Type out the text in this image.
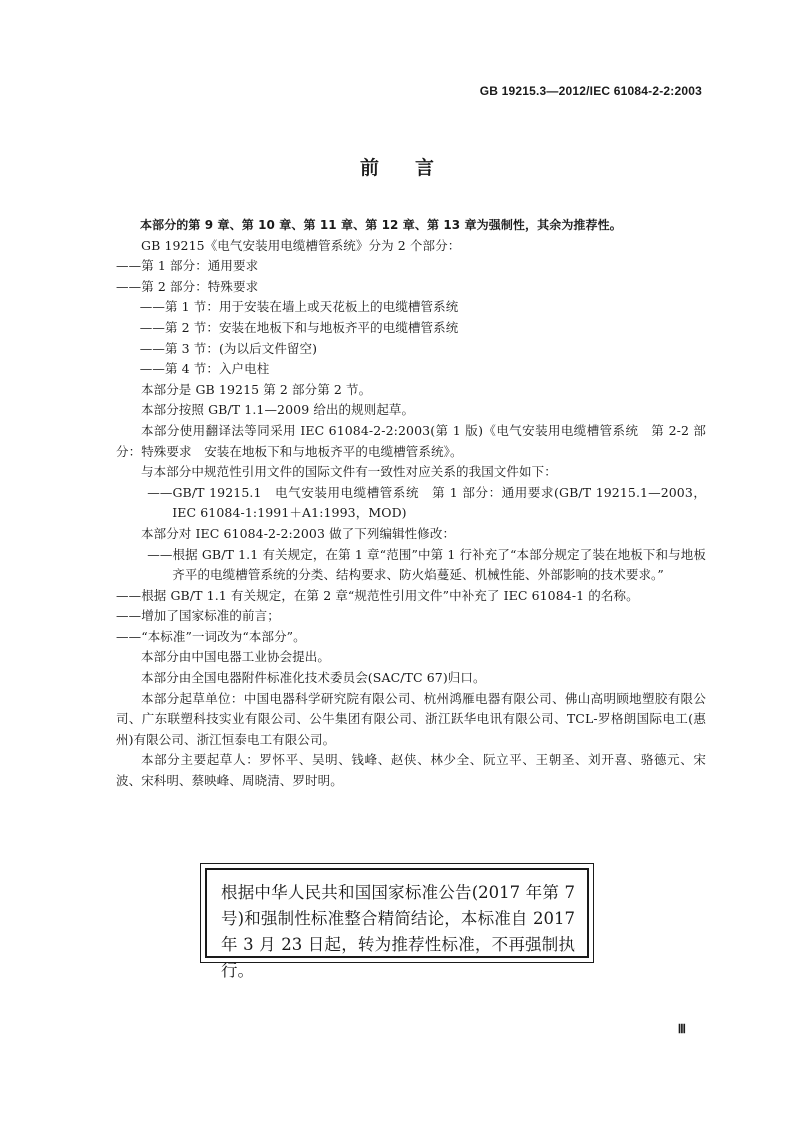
GB 19215.3—2012/IEC 61084-2-2:2003
前言

本部分的第 9 章、第 10 章、第 11 章、第 12 章、第 13 章为强制性，其余为推荐性。

GB 19215《电气安装用电缆槽管系统》分为 2 个部分：

——第 1 部分：通用要求

——第 2 部分：特殊要求

——第 1 节：用于安装在墙上或天花板上的电缆槽管系统

——第 2 节：安装在地板下和与地板齐平的电缆槽管系统

——第 3 节：(为以后文件留空)

——第 4 节：入户电柱

本部分是 GB 19215 第 2 部分第 2 节。

本部分按照 GB/T 1.1—2009 给出的规则起草。

本部分使用翻译法等同采用 IEC 61084-2-2:2003(第 1 版)《电气安装用电缆槽管系统　第 2-2 部分：特殊要求　安装在地板下和与地板齐平的电缆槽管系统》。

与本部分中规范性引用文件的国际文件有一致性对应关系的我国文件如下：

——GB/T 19215.1　电气安装用电缆槽管系统　第 1 部分：通用要求(GB/T 19215.1—2003，IEC 61084-1:1991＋A1:1993，MOD)

本部分对 IEC 61084-2-2:2003 做了下列编辑性修改：

——根据 GB/T 1.1 有关规定，在第 1 章“范围”中第 1 行补充了“本部分规定了装在地板下和与地板齐平的电缆槽管系统的分类、结构要求、防火焰蔓延、机械性能、外部影响的技术要求。”

——根据 GB/T 1.1 有关规定，在第 2 章“规范性引用文件”中补充了 IEC 61084-1 的名称。

——增加了国家标准的前言；

——“本标准”一词改为“本部分”。

本部分由中国电器工业协会提出。

本部分由全国电器附件标准化技术委员会(SAC/TC 67)归口。

本部分起草单位：中国电器科学研究院有限公司、杭州鸿雁电器有限公司、佛山高明顾地塑胶有限公司、广东联塑科技实业有限公司、公牛集团有限公司、浙江跃华电讯有限公司、TCL-罗格朗国际电工(惠州)有限公司、浙江恒泰电工有限公司。

本部分主要起草人：罗怀平、吴明、钱峰、赵侠、林少全、阮立平、王朝圣、刘开喜、骆德元、宋波、宋科明、蔡映峰、周晓清、罗时明。

根据中华人民共和国国家标准公告(2017 年第 7 号)和强制性标准整合精简结论，本标准自 2017 年 3 月 23 日起，转为推荐性标准，不再强制执行。
Ⅲ
